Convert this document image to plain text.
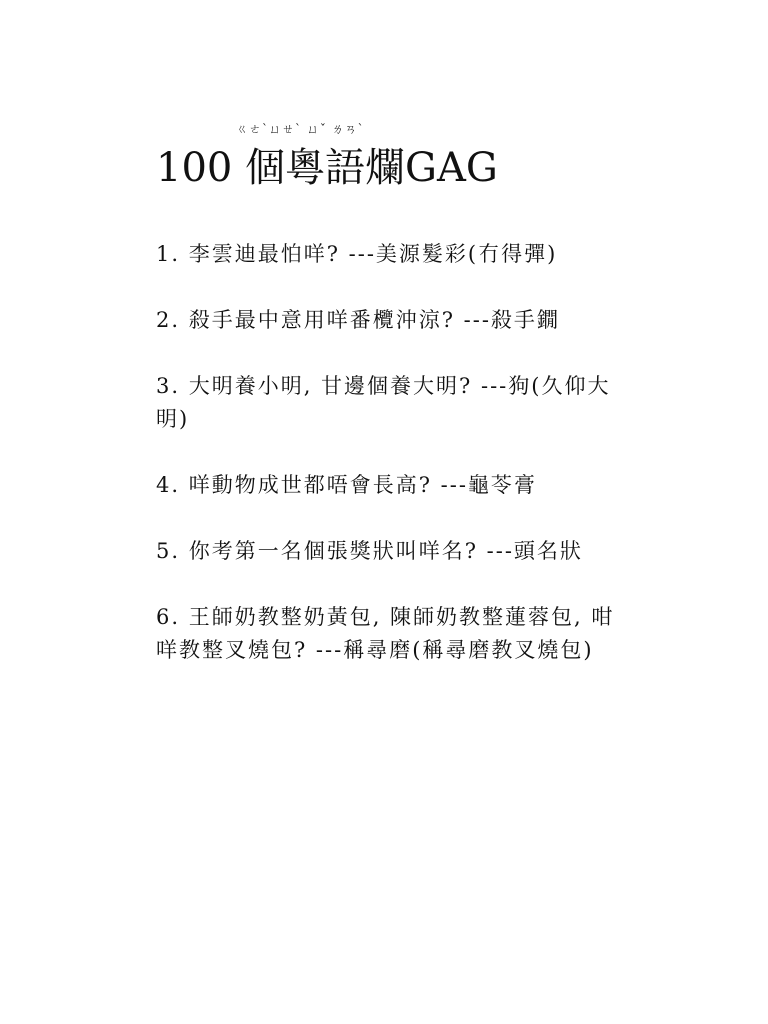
ㄍㄜˋㄩㄝˋ ㄩˇ ㄌㄢˋ
100 個粵語爛GAG

1. 李雲迪最怕咩? ---美源髮彩(冇得彈)

2. 殺手最中意用咩番欖沖涼? ---殺手鐗

3. 大明養小明, 甘邊個養大明? ---狗(久仰大明)

4. 咩動物成世都唔會長高? ---龜苓膏

5. 你考第一名個張獎狀叫咩名? ---頭名狀

6. 王師奶教整奶黃包, 陳師奶教整蓮蓉包, 咁咩教整叉燒包? ---稱尋磨(稱尋磨教叉燒包)
